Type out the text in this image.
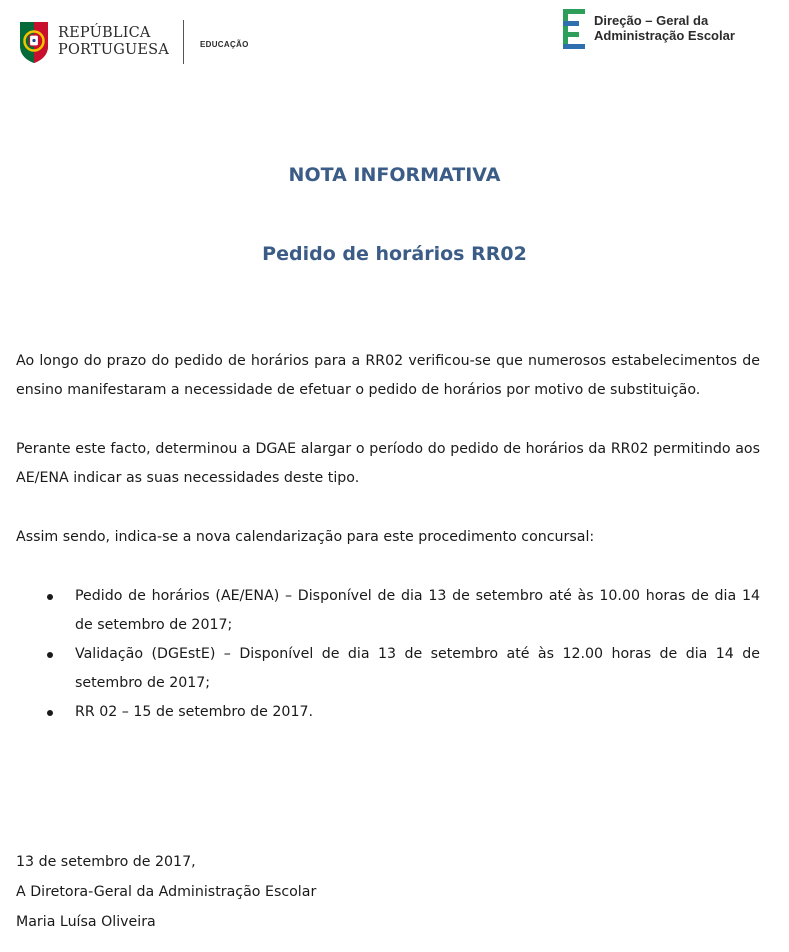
REPÚBLICA
PORTUGUESA	EDUCAÇÃO
Direção – Geral da
Administração Escolar
NOTA INFORMATIVA
Pedido de horários RR02
Ao longo do prazo do pedido de horários para a RR02 verificou-se que numerosos estabelecimentos de ensino manifestaram a necessidade de efetuar o pedido de horários por motivo de substituição.
Perante este facto, determinou a DGAE alargar o período do pedido de horários da RR02 permitindo aos AE/ENA indicar as suas necessidades deste tipo.
Assim sendo, indica-se a nova calendarização para este procedimento concursal:
Pedido de horários (AE/ENA) – Disponível de dia 13 de setembro até às 10.00 horas de dia 14 de setembro de 2017;
Validação (DGEstE) – Disponível de dia 13 de setembro até às 12.00 horas de dia 14 de setembro de 2017;
RR 02 – 15 de setembro de 2017.
13 de setembro de 2017,
A Diretora-Geral da Administração Escolar
Maria Luísa Oliveira
